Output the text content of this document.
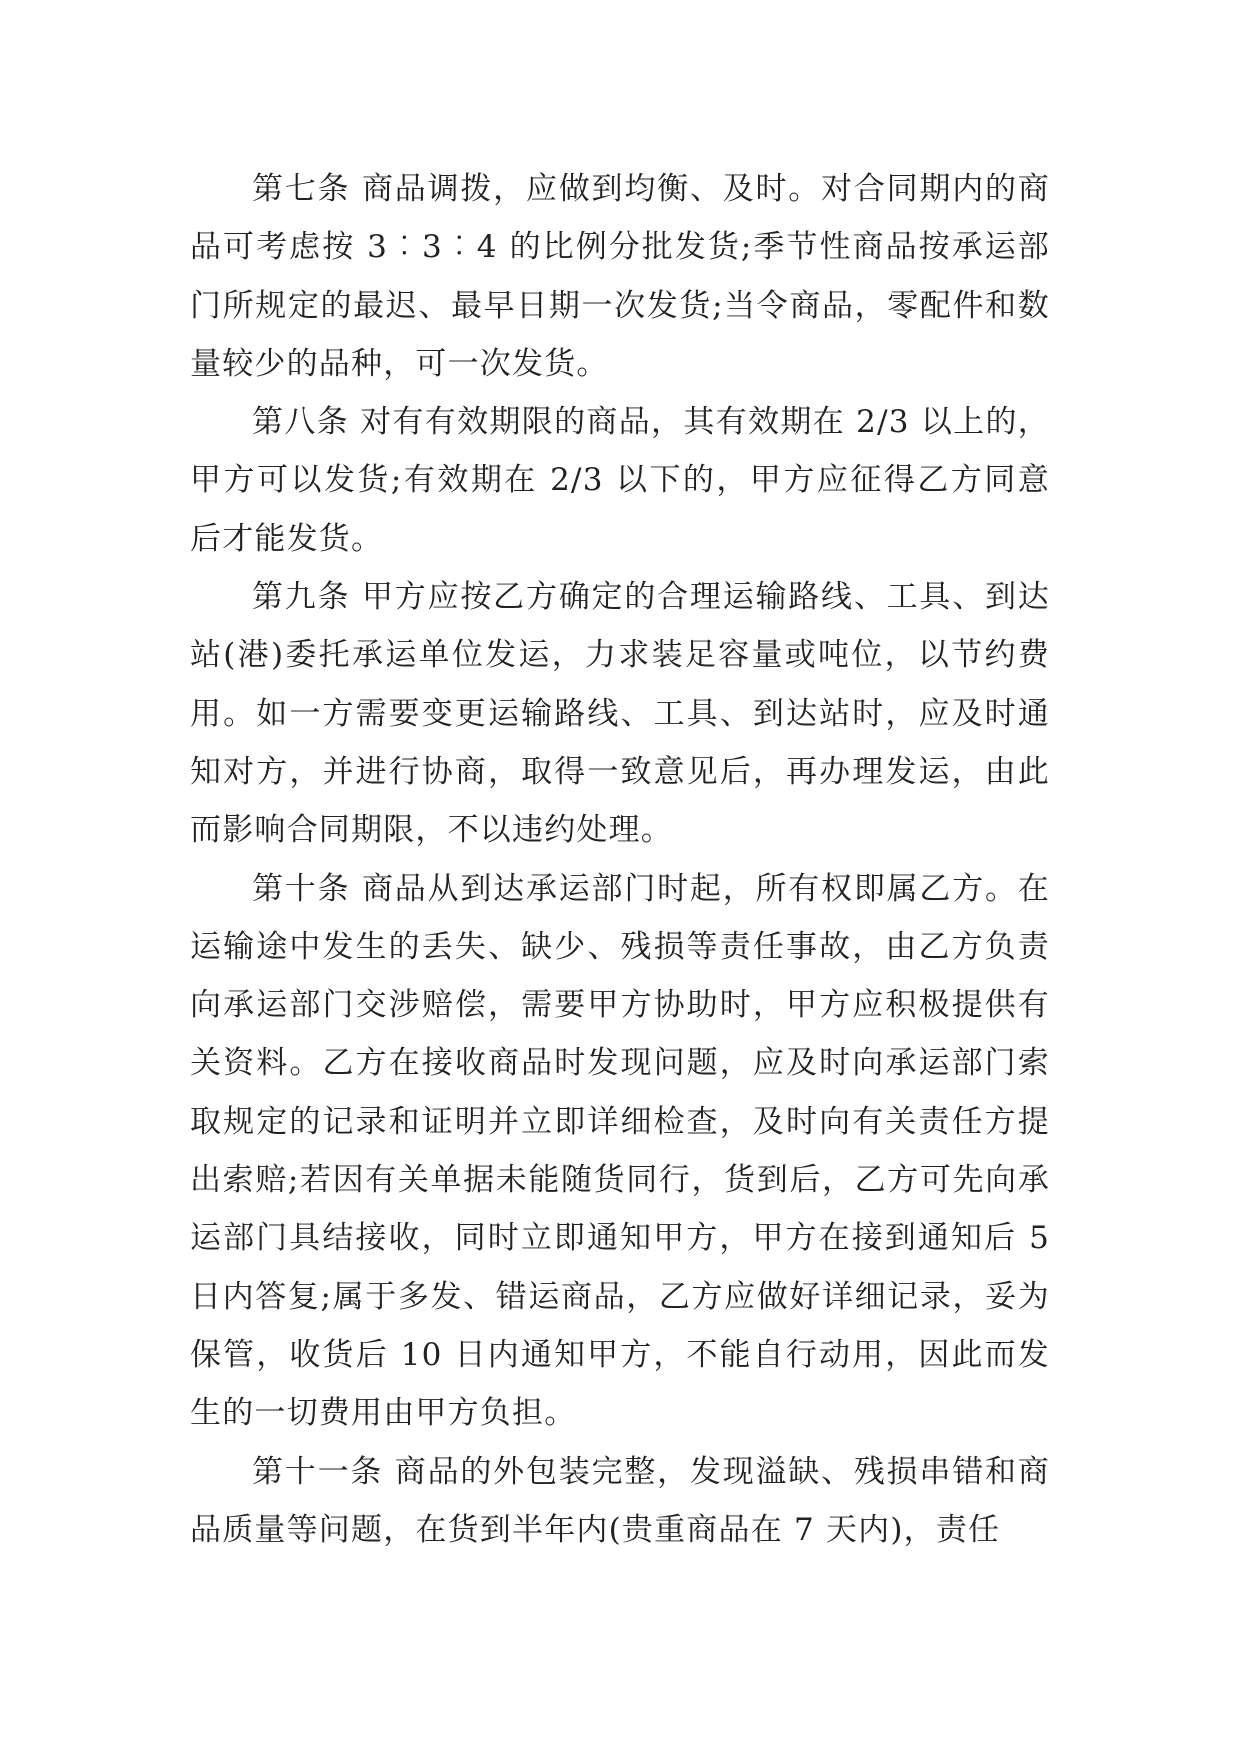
第七条 商品调拨，应做到均衡、及时。对合同期内的商品可考虑按 3︰3︰4 的比例分批发货;季节性商品按承运部门所规定的最迟、最早日期一次发货;当令商品，零配件和数量较少的品种，可一次发货。

第八条 对有有效期限的商品，其有效期在 2/3 以上的，甲方可以发货;有效期在 2/3 以下的，甲方应征得乙方同意后才能发货。

第九条 甲方应按乙方确定的合理运输路线、工具、到达站(港)委托承运单位发运，力求装足容量或吨位，以节约费用。如一方需要变更运输路线、工具、到达站时，应及时通知对方，并进行协商，取得一致意见后，再办理发运，由此而影响合同期限，不以违约处理。

第十条 商品从到达承运部门时起，所有权即属乙方。在运输途中发生的丢失、缺少、残损等责任事故，由乙方负责向承运部门交涉赔偿，需要甲方协助时，甲方应积极提供有关资料。乙方在接收商品时发现问题，应及时向承运部门索取规定的记录和证明并立即详细检查，及时向有关责任方提出索赔;若因有关单据未能随货同行，货到后，乙方可先向承运部门具结接收，同时立即通知甲方，甲方在接到通知后 5 日内答复;属于多发、错运商品，乙方应做好详细记录，妥为保管，收货后 10 日内通知甲方，不能自行动用，因此而发生的一切费用由甲方负担。

第十一条 商品的外包装完整，发现溢缺、残损串错和商品质量等问题，在货到半年内(贵重商品在 7 天内)，责任
